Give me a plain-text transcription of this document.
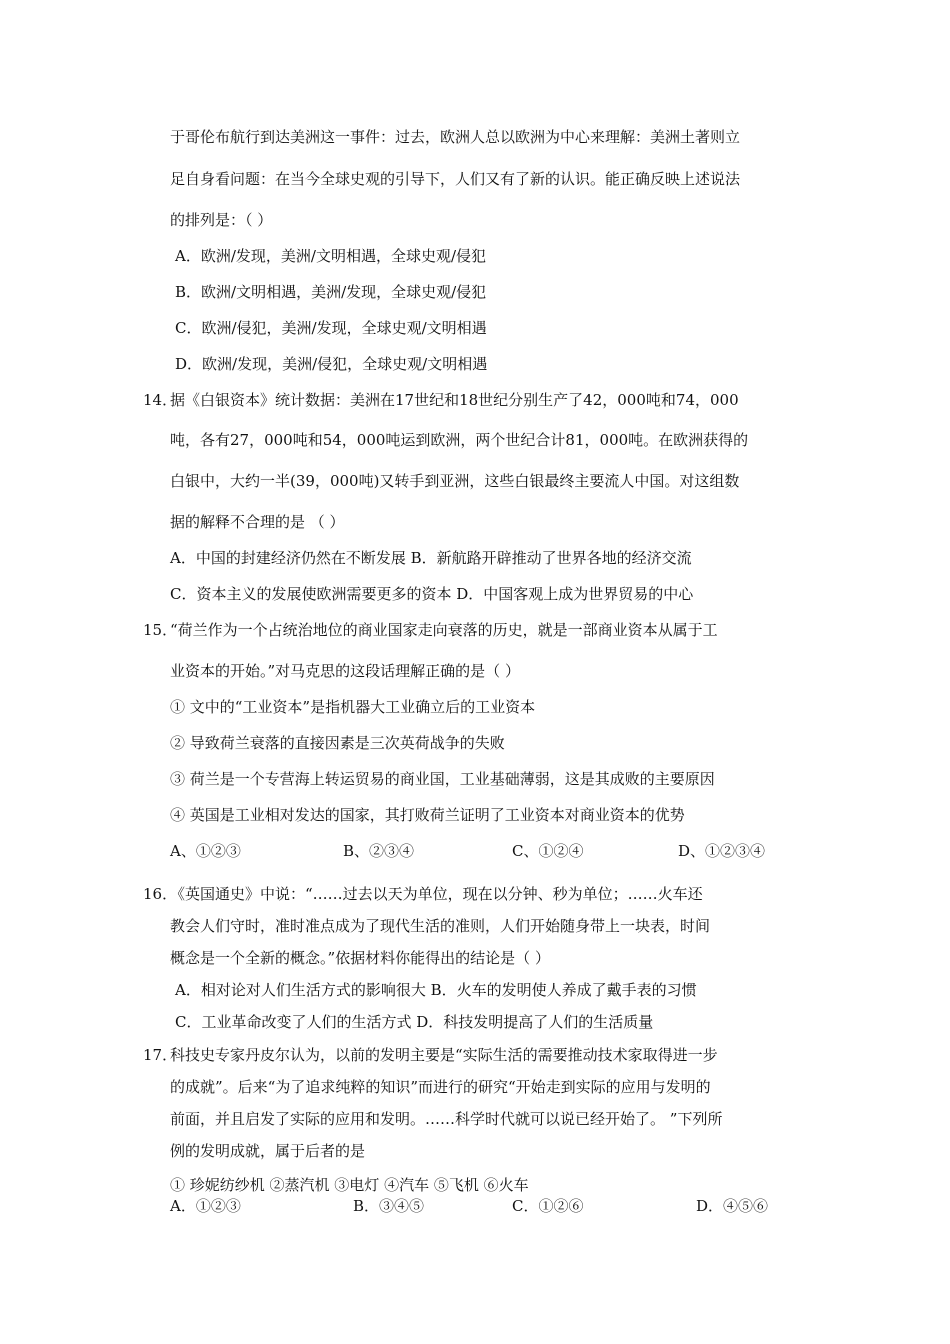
于哥伦布航行到达美洲这一事件：过去，欧洲人总以欧洲为中心来理解：美洲土著则立
足自身看问题：在当今全球史观的引导下，人们又有了新的认识。能正确反映上述说法
的排列是：（ ）
A．欧洲/发现，美洲/文明相遇，全球史观/侵犯
B．欧洲/文明相遇，美洲/发现，全球史观/侵犯
C．欧洲/侵犯，美洲/发现，全球史观/文明相遇
D．欧洲/发现，美洲/侵犯，全球史观/文明相遇
14．
据《白银资本》统计数据：美洲在17世纪和18世纪分别生产了42，000吨和74，000
吨，各有27，000吨和54，000吨运到欧洲，两个世纪合计81，000吨。在欧洲获得的
白银中，大约一半(39，000吨)又转手到亚洲，这些白银最终主要流人中国。对这组数
据的解释不合理的是 （ ）
A．中国的封建经济仍然在不断发展 B．新航路开辟推动了世界各地的经济交流
C．资本主义的发展使欧洲需要更多的资本 D．中国客观上成为世界贸易的中心
15．
“荷兰作为一个占统治地位的商业国家走向衰落的历史，就是一部商业资本从属于工
业资本的开始。”对马克思的这段话理解正确的是（ ）
① 文中的“工业资本”是指机器大工业确立后的工业资本
② 导致荷兰衰落的直接因素是三次英荷战争的失败
③ 荷兰是一个专营海上转运贸易的商业国，工业基础薄弱，这是其成败的主要原因
④ 英国是工业相对发达的国家，其打败荷兰证明了工业资本对商业资本的优势
A、①②③	B、②③④	C、①②④	D、①②③④
16．
《英国通史》中说：“……过去以天为单位，现在以分钟、秒为单位；……火车还
教会人们守时，准时准点成为了现代生活的准则，人们开始随身带上一块表，时间
概念是一个全新的概念。”依据材料你能得出的结论是（ ）
A．相对论对人们生活方式的影响很大 B．火车的发明使人养成了戴手表的习惯
C．工业革命改变了人们的生活方式 D．科技发明提高了人们的生活质量
17．
科技史专家丹皮尔认为，以前的发明主要是“实际生活的需要推动技术家取得进一步
的成就”。后来“为了追求纯粹的知识”而进行的研究“开始走到实际的应用与发明的
前面，并且启发了实际的应用和发明。……科学时代就可以说已经开始了。 ”下列所
例的发明成就，属于后者的是
① 珍妮纺纱机 ②蒸汽机 ③电灯 ④汽车 ⑤飞机 ⑥火车
A．①②③	B．③④⑤	C．①②⑥	D．④⑤⑥
